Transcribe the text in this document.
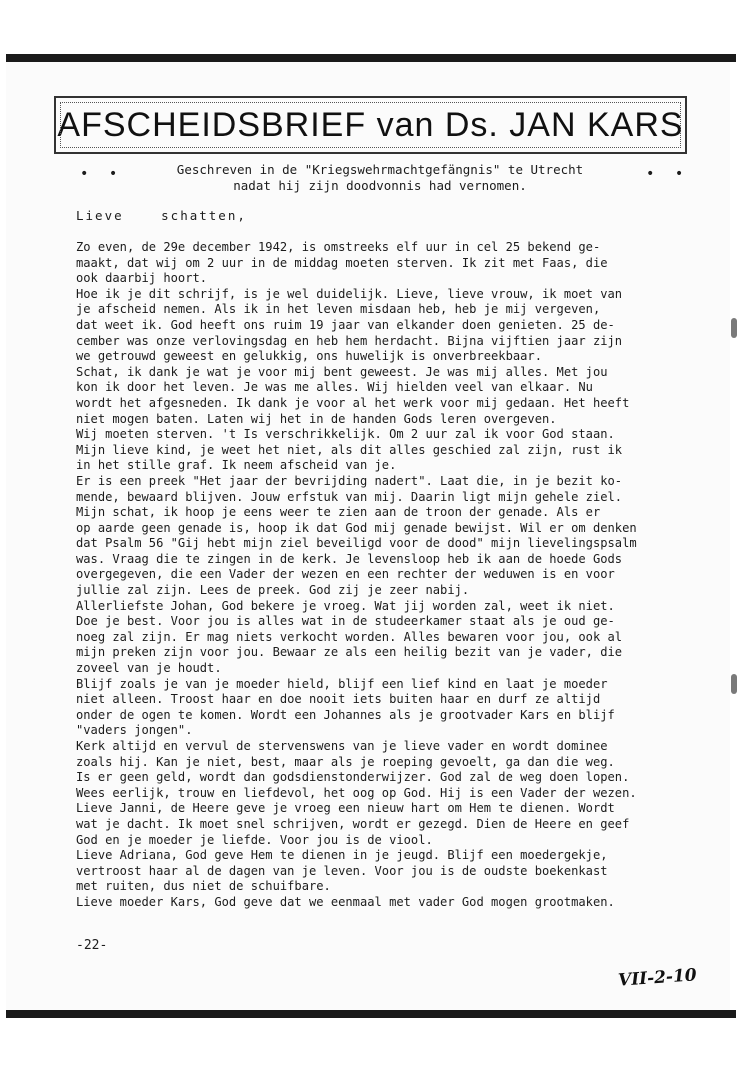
AFSCHEIDSBRIEF van Ds. JAN KARS
• •	Geschreven in de "Kriegswehrmachtgefängnis" te Utrecht
nadat hij zijn doodvonnis had vernomen.
• •
Lieve schatten,
Zo even, de 29e december 1942, is omstreeks elf uur in cel 25 bekend ge-
maakt, dat wij om 2 uur in de middag moeten sterven. Ik zit met Faas, die
ook daarbij hoort.
Hoe ik je dit schrijf, is je wel duidelijk. Lieve, lieve vrouw, ik moet van
je afscheid nemen. Als ik in het leven misdaan heb, heb je mij vergeven,
dat weet ik. God heeft ons ruim 19 jaar van elkander doen genieten. 25 de-
cember was onze verlovingsdag en heb hem herdacht. Bijna vijftien jaar zijn
we getrouwd geweest en gelukkig, ons huwelijk is onverbreekbaar.
Schat, ik dank je wat je voor mij bent geweest. Je was mij alles. Met jou
kon ik door het leven. Je was me alles. Wij hielden veel van elkaar. Nu
wordt het afgesneden. Ik dank je voor al het werk voor mij gedaan. Het heeft
niet mogen baten. Laten wij het in de handen Gods leren overgeven.
Wij moeten sterven. 't Is verschrikkelijk. Om 2 uur zal ik voor God staan.
Mijn lieve kind, je weet het niet, als dit alles geschied zal zijn, rust ik
in het stille graf. Ik neem afscheid van je.
Er is een preek "Het jaar der bevrijding nadert". Laat die, in je bezit ko-
mende, bewaard blijven. Jouw erfstuk van mij. Daarin ligt mijn gehele ziel.
Mijn schat, ik hoop je eens weer te zien aan de troon der genade. Als er
op aarde geen genade is, hoop ik dat God mij genade bewijst. Wil er om denken
dat Psalm 56 "Gij hebt mijn ziel beveiligd voor de dood" mijn lievelingspsalm
was. Vraag die te zingen in de kerk. Je levensloop heb ik aan de hoede Gods
overgegeven, die een Vader der wezen en een rechter der weduwen is en voor
jullie zal zijn. Lees de preek. God zij je zeer nabij.
Allerliefste Johan, God bekere je vroeg. Wat jij worden zal, weet ik niet.
Doe je best. Voor jou is alles wat in de studeerkamer staat als je oud ge-
noeg zal zijn. Er mag niets verkocht worden. Alles bewaren voor jou, ook al
mijn preken zijn voor jou. Bewaar ze als een heilig bezit van je vader, die
zoveel van je houdt.
Blijf zoals je van je moeder hield, blijf een lief kind en laat je moeder
niet alleen. Troost haar en doe nooit iets buiten haar en durf ze altijd
onder de ogen te komen. Wordt een Johannes als je grootvader Kars en blijf
"vaders jongen".
Kerk altijd en vervul de stervenswens van je lieve vader en wordt dominee
zoals hij. Kan je niet, best, maar als je roeping gevoelt, ga dan die weg.
Is er geen geld, wordt dan godsdienstonderwijzer. God zal de weg doen lopen.
Wees eerlijk, trouw en liefdevol, het oog op God. Hij is een Vader der wezen.
Lieve Janni, de Heere geve je vroeg een nieuw hart om Hem te dienen. Wordt
wat je dacht. Ik moet snel schrijven, wordt er gezegd. Dien de Heere en geef
God en je moeder je liefde. Voor jou is de viool.
Lieve Adriana, God geve Hem te dienen in je jeugd. Blijf een moedergekje,
vertroost haar al de dagen van je leven. Voor jou is de oudste boekenkast
met ruiten, dus niet de schuifbare.
Lieve moeder Kars, God geve dat we eenmaal met vader God mogen grootmaken.
-22-
VII-2-10
